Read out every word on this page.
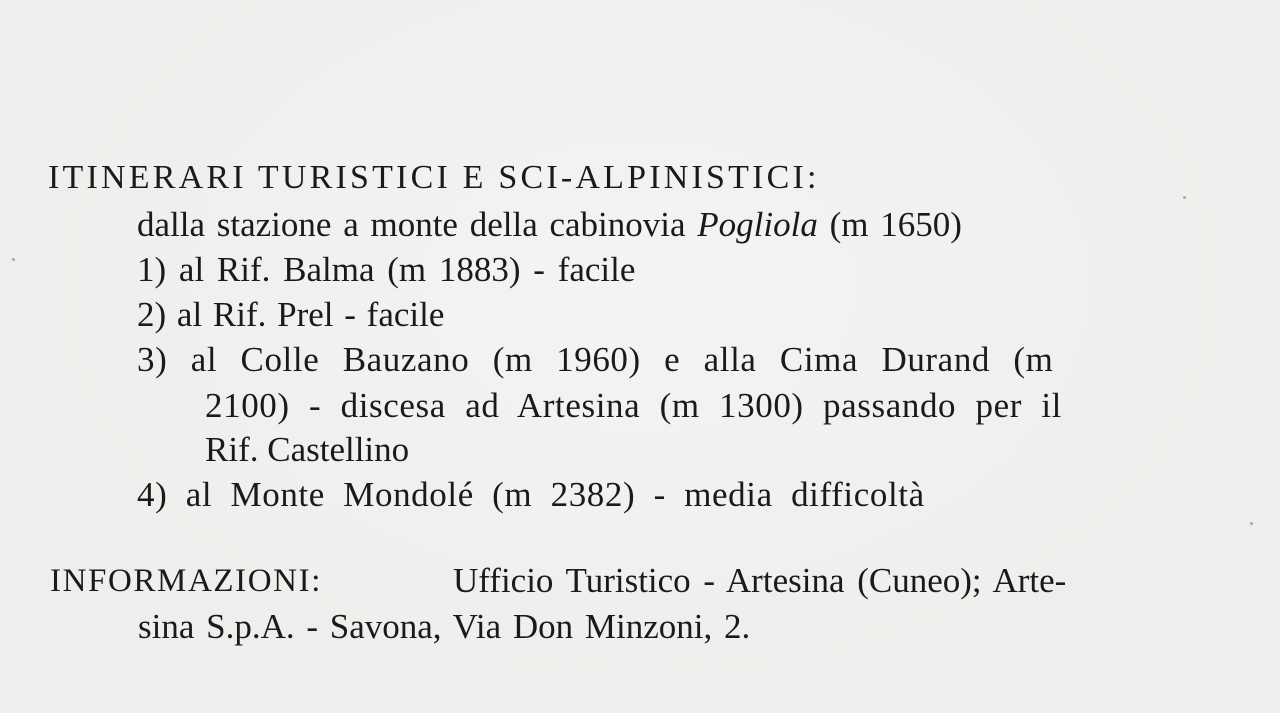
ITINERARI TURISTICI E SCI-ALPINISTICI:
dalla stazione a monte della cabinovia Pogliola (m 1650)
1) al Rif. Balma (m 1883) - facile
2) al Rif. Prel - facile
3) al Colle Bauzano (m 1960) e alla Cima Durand (m
2100) - discesa ad Artesina (m 1300) passando per il
Rif. Castellino
4) al Monte Mondolé (m 2382) - media difficoltà
INFORMAZIONI:	Ufficio Turistico - Artesina (Cuneo); Arte-
sina S.p.A. - Savona, Via Don Minzoni, 2.
